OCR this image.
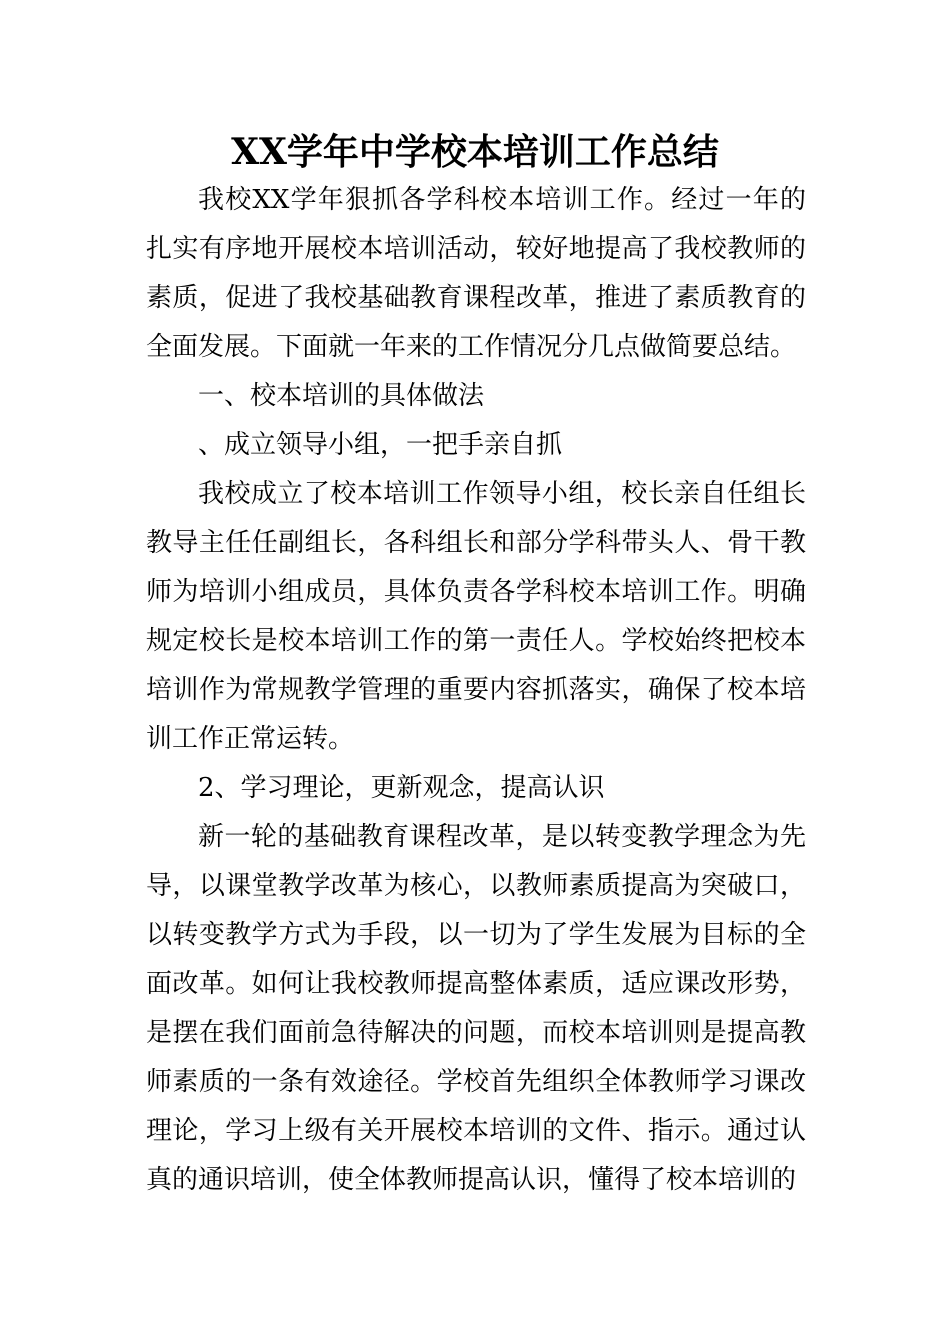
XX学年中学校本培训工作总结

我校XX学年狠抓各学科校本培训工作。经过一年的扎实有序地开展校本培训活动，较好地提高了我校教师的素质，促进了我校基础教育课程改革，推进了素质教育的全面发展。下面就一年来的工作情况分几点做简要总结。

一、校本培训的具体做法

、成立领导小组，一把手亲自抓

我校成立了校本培训工作领导小组，校长亲自任组长教导主任任副组长，各科组长和部分学科带头人、骨干教师为培训小组成员，具体负责各学科校本培训工作。明确规定校长是校本培训工作的第一责任人。学校始终把校本培训作为常规教学管理的重要内容抓落实，确保了校本培训工作正常运转。

2、学习理论，更新观念，提高认识

新一轮的基础教育课程改革，是以转变教学理念为先导，以课堂教学改革为核心，以教师素质提高为突破口，以转变教学方式为手段，以一切为了学生发展为目标的全面改革。如何让我校教师提高整体素质，适应课改形势，是摆在我们面前急待解决的问题，而校本培训则是提高教师素质的一条有效途径。学校首先组织全体教师学习课改理论，学习上级有关开展校本培训的文件、指示。通过认真的通识培训，使全体教师提高认识，懂得了校本培训的
